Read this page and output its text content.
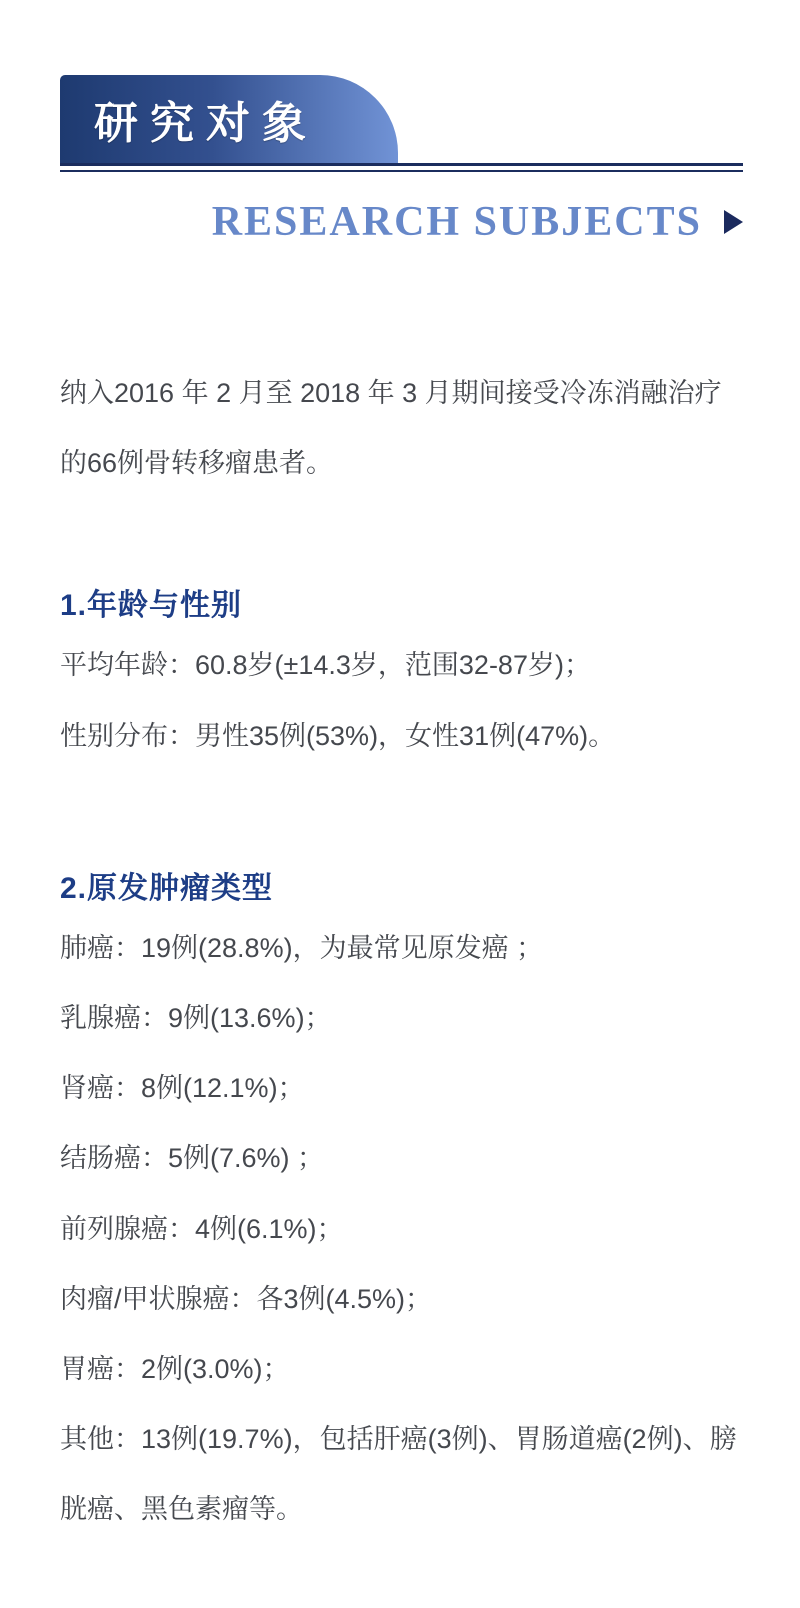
研究对象
RESEARCH SUBJECTS

纳入2016 年 2 月至 2018 年 3 月期间接受冷冻消融治疗的66例骨转移瘤患者。

1.年龄与性别

平均年龄：60.8岁(±14.3岁，范围32-87岁)；

性别分布：男性35例(53%)，女性31例(47%)。

2.原发肿瘤类型

肺癌：19例(28.8%)，为最常见原发癌 ；

乳腺癌：9例(13.6%)；

肾癌：8例(12.1%)；

结肠癌：5例(7.6%) ；

前列腺癌：4例(6.1%)；

肉瘤/甲状腺癌：各3例(4.5%)；

胃癌：2例(3.0%)；

其他：13例(19.7%)，包括肝癌(3例)、胃肠道癌(2例)、膀胱癌、黑色素瘤等。
